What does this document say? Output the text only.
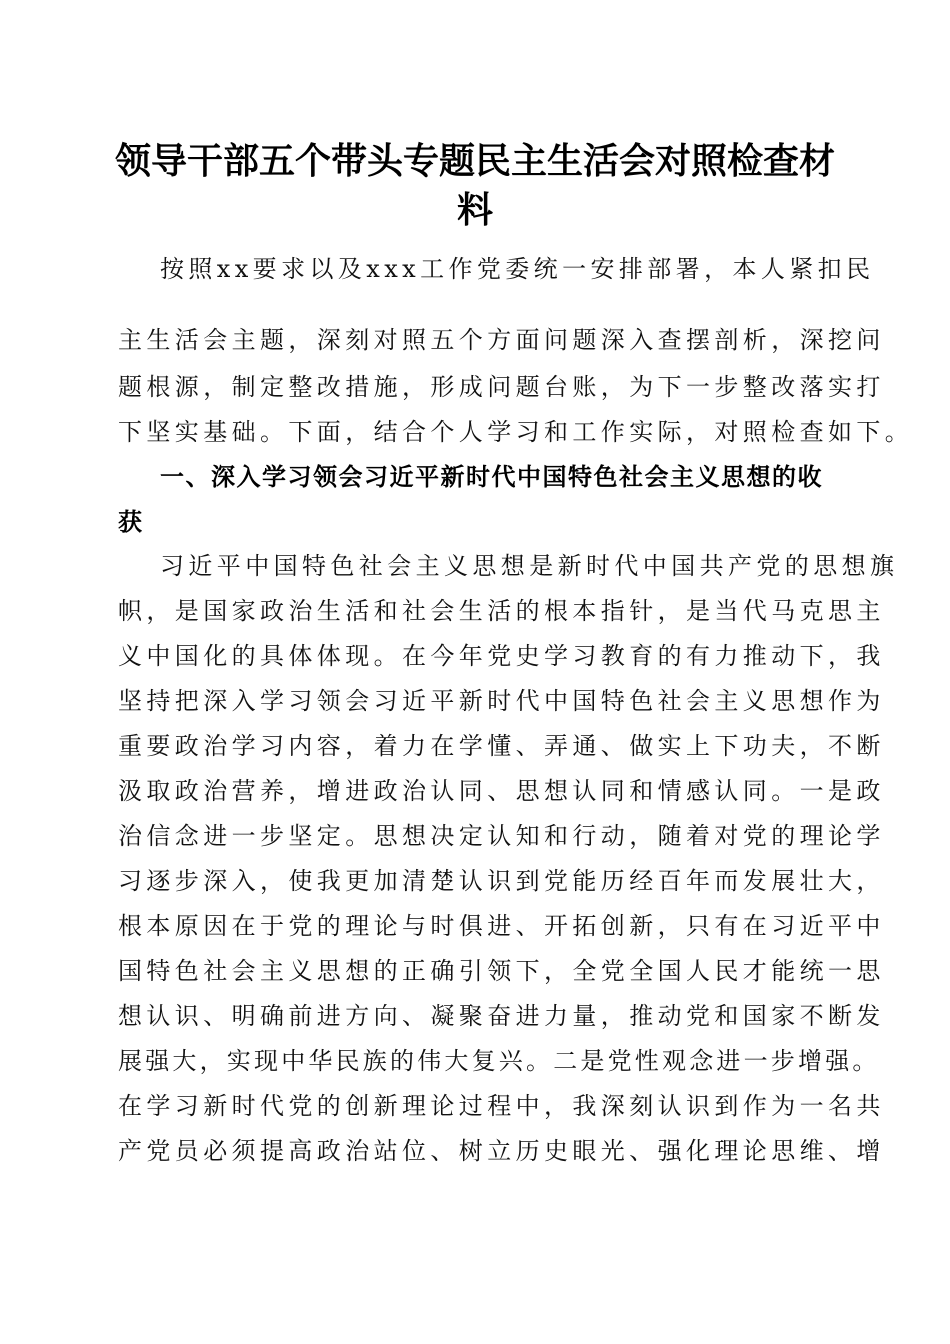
领导干部五个带头专题民主生活会对照检查材
料
按照xx要求以及xxx工作党委统一安排部署，本人紧扣民
主生活会主题，深刻对照五个方面问题深入查摆剖析，深挖问
题根源，制定整改措施，形成问题台账，为下一步整改落实打
下坚实基础。下面，结合个人学习和工作实际，对照检查如下。
一、深入学习领会习近平新时代中国特色社会主义思想的收
获
习近平中国特色社会主义思想是新时代中国共产党的思想旗
帜，是国家政治生活和社会生活的根本指针，是当代马克思主
义中国化的具体体现。在今年党史学习教育的有力推动下，我
坚持把深入学习领会习近平新时代中国特色社会主义思想作为
重要政治学习内容，着力在学懂、弄通、做实上下功夫，不断
汲取政治营养，增进政治认同、思想认同和情感认同。一是政
治信念进一步坚定。思想决定认知和行动，随着对党的理论学
习逐步深入，使我更加清楚认识到党能历经百年而发展壮大，
根本原因在于党的理论与时俱进、开拓创新，只有在习近平中
国特色社会主义思想的正确引领下，全党全国人民才能统一思
想认识、明确前进方向、凝聚奋进力量，推动党和国家不断发
展强大，实现中华民族的伟大复兴。二是党性观念进一步增强。
在学习新时代党的创新理论过程中，我深刻认识到作为一名共
产党员必须提高政治站位、树立历史眼光、强化理论思维、增
